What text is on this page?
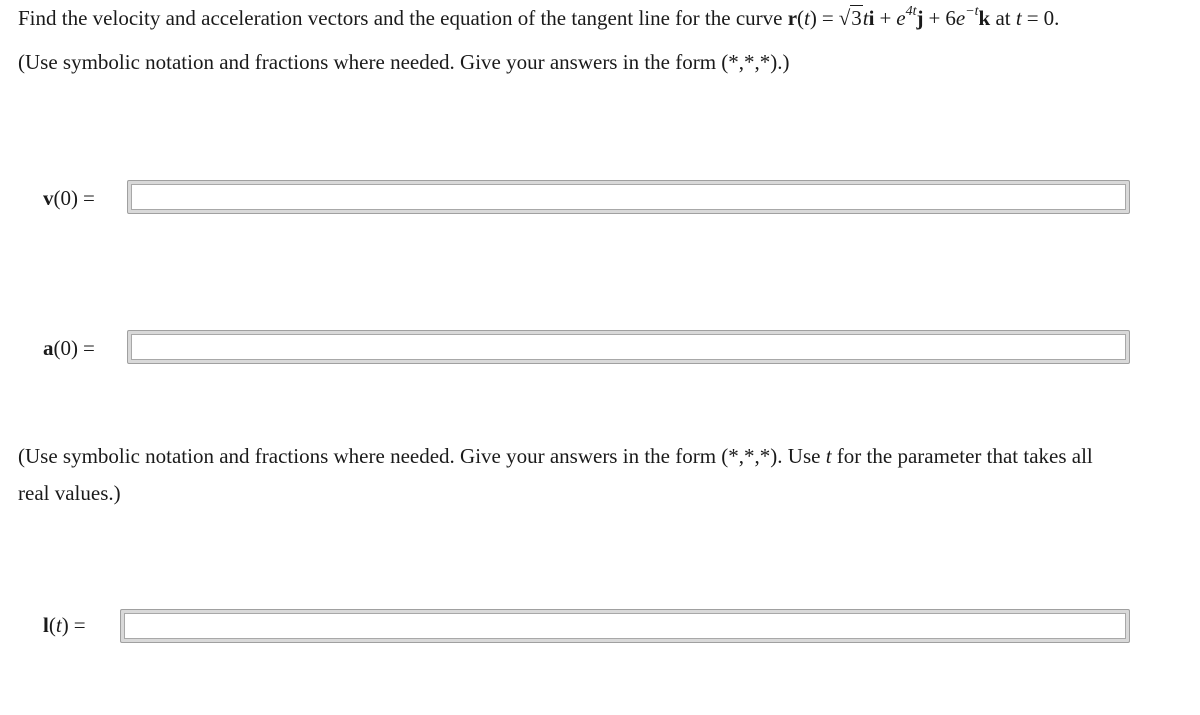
Find the velocity and acceleration vectors and the equation of the tangent line for the curve $r(t) = √3ti + e^{4t}j + 6e^{-t}k$ at t = 0.
(Use symbolic notation and fractions where needed. Give your answers in the form (*,*,*).)
v(0) =
a(0) =
(Use symbolic notation and fractions where needed. Give your answers in the form (*,*,*). Use t for the parameter that takes all
real values.)
l(t) =
